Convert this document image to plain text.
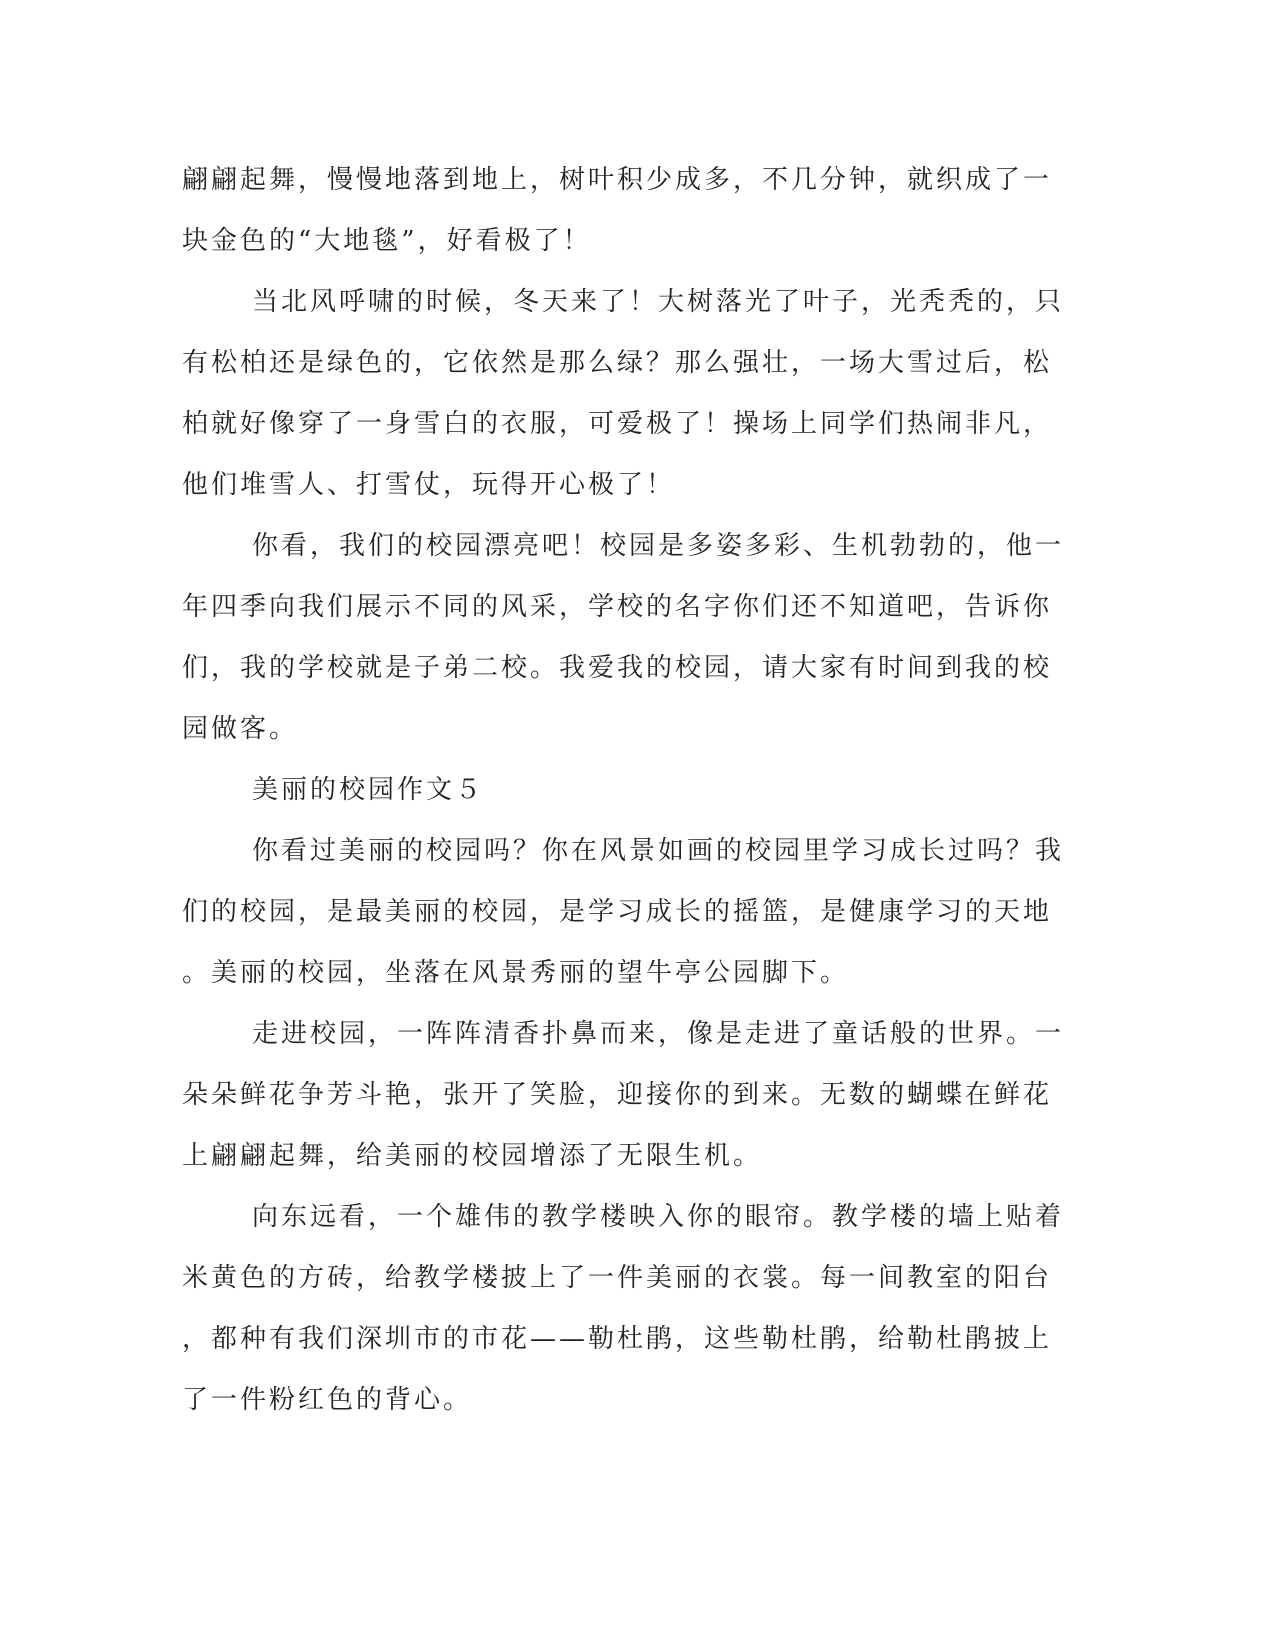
翩翩起舞，慢慢地落到地上，树叶积少成多，不几分钟，就织成了一

块金色的“大地毯”，好看极了！

当北风呼啸的时候，冬天来了！大树落光了叶子，光秃秃的，只

有松柏还是绿色的，它依然是那么绿？那么强壮，一场大雪过后，松

柏就好像穿了一身雪白的衣服，可爱极了！操场上同学们热闹非凡，

他们堆雪人、打雪仗，玩得开心极了！

你看，我们的校园漂亮吧！校园是多姿多彩、生机勃勃的，他一

年四季向我们展示不同的风采，学校的名字你们还不知道吧，告诉你

们，我的学校就是子弟二校。我爱我的校园，请大家有时间到我的校

园做客。

美丽的校园作文５

你看过美丽的校园吗？你在风景如画的校园里学习成长过吗？我

们的校园，是最美丽的校园，是学习成长的摇篮，是健康学习的天地

。美丽的校园，坐落在风景秀丽的望牛亭公园脚下。

走进校园，一阵阵清香扑鼻而来，像是走进了童话般的世界。一

朵朵鲜花争芳斗艳，张开了笑脸，迎接你的到来。无数的蝴蝶在鲜花

上翩翩起舞，给美丽的校园增添了无限生机。

向东远看，一个雄伟的教学楼映入你的眼帘。教学楼的墙上贴着

米黄色的方砖，给教学楼披上了一件美丽的衣裳。每一间教室的阳台

，都种有我们深圳市的市花——勒杜鹃，这些勒杜鹃，给勒杜鹃披上

了一件粉红色的背心。
